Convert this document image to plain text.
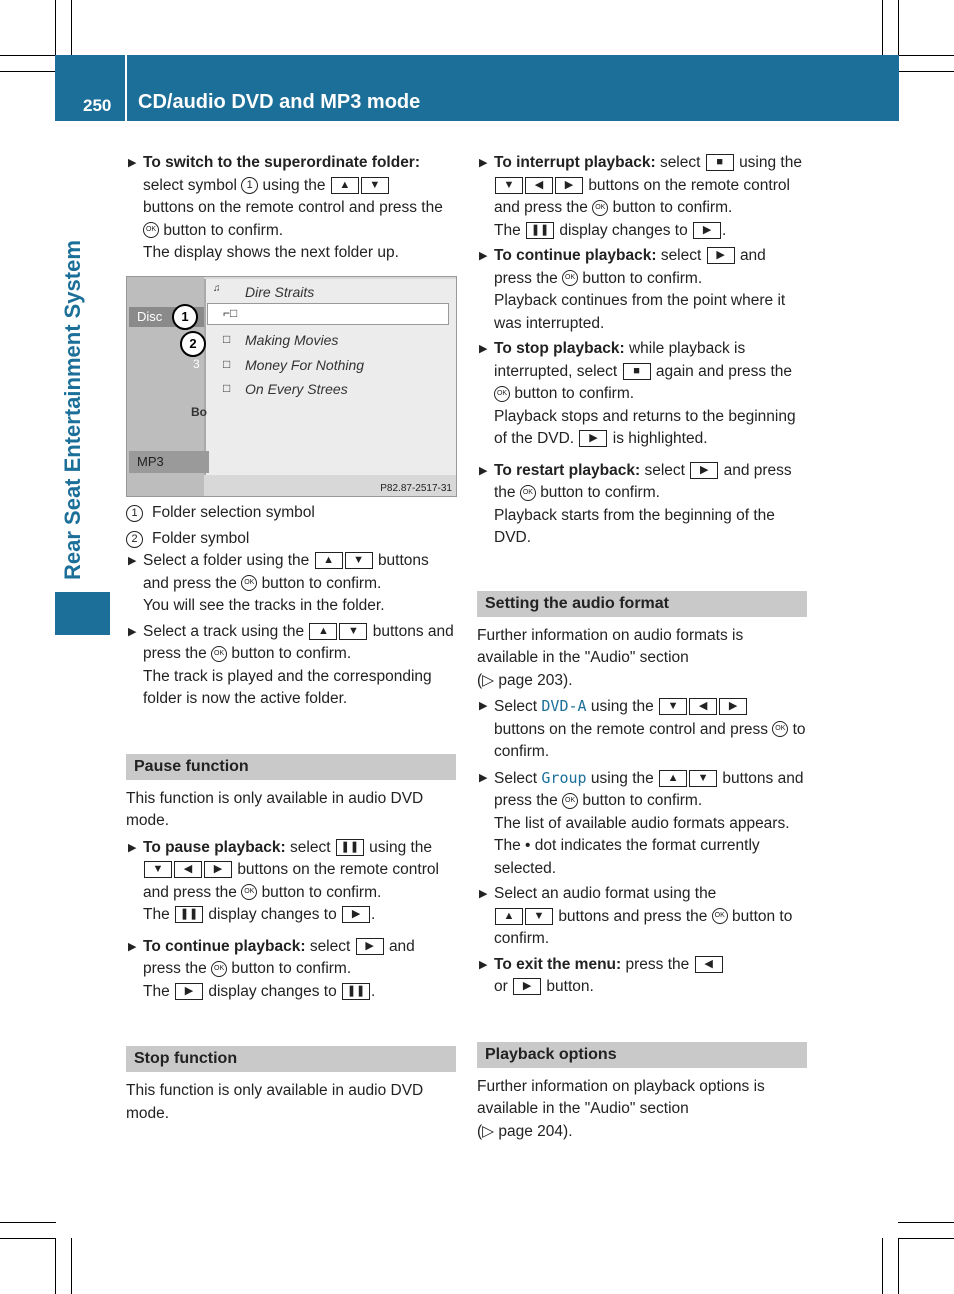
250 CD/audio DVD and MP3 mode
Rear Seat Entertainment System

▶ To switch to the superordinate folder:
select symbol 1 using the ▲ ▼
buttons on the remote control and press the OK button to confirm.
The display shows the next folder up.

Disc
♫ Dire Straits
⌐□
□ Making Movies
□ Money For Nothing
□ On Every Strees
3
Bo
MP3
P82.87-2517-31
1
2

1 Folder selection symbol

2 Folder symbol

▶ Select a folder using the ▲ ▼ buttons and press the OK button to confirm.
You will see the tracks in the folder.

▶ Select a track using the ▲ ▼ buttons and press the OK button to confirm.
The track is played and the corresponding folder is now the active folder.

Pause function

This function is only available in audio DVD mode.

▶ To pause playback: select ❚❚ using the ▼ ◀ ▶ buttons on the remote control and press the OK button to confirm.
The ❚❚ display changes to ▶ .

▶ To continue playback: select ▶ and press the OK button to confirm.
The ▶ display changes to ❚❚ .

Stop function

This function is only available in audio DVD mode.

▶ To interrupt playback: select ■ using the ▼ ◀ ▶ buttons on the remote control and press the OK button to confirm.
The ❚❚ display changes to ▶ .

▶ To continue playback: select ▶ and press the OK button to confirm.
Playback continues from the point where it was interrupted.

▶ To stop playback: while playback is interrupted, select ■ again and press the OK button to confirm.
Playback stops and returns to the beginning of the DVD. ▶ is highlighted.

▶ To restart playback: select ▶ and press the OK button to confirm.
Playback starts from the beginning of the DVD.

Setting the audio format

Further information on audio formats is available in the "Audio" section
(▷ page 203).

▶ Select DVD-A using the ▼ ◀ ▶
buttons on the remote control and press OK to confirm.

▶ Select Group using the ▲ ▼ buttons and press the OK button to confirm.
The list of available audio formats appears. The • dot indicates the format currently selected.

▶ Select an audio format using the
▲ ▼ buttons and press the OK button to confirm.

▶ To exit the menu: press the ◀
or ▶ button.

Playback options

Further information on playback options is available in the "Audio" section
(▷ page 204).
